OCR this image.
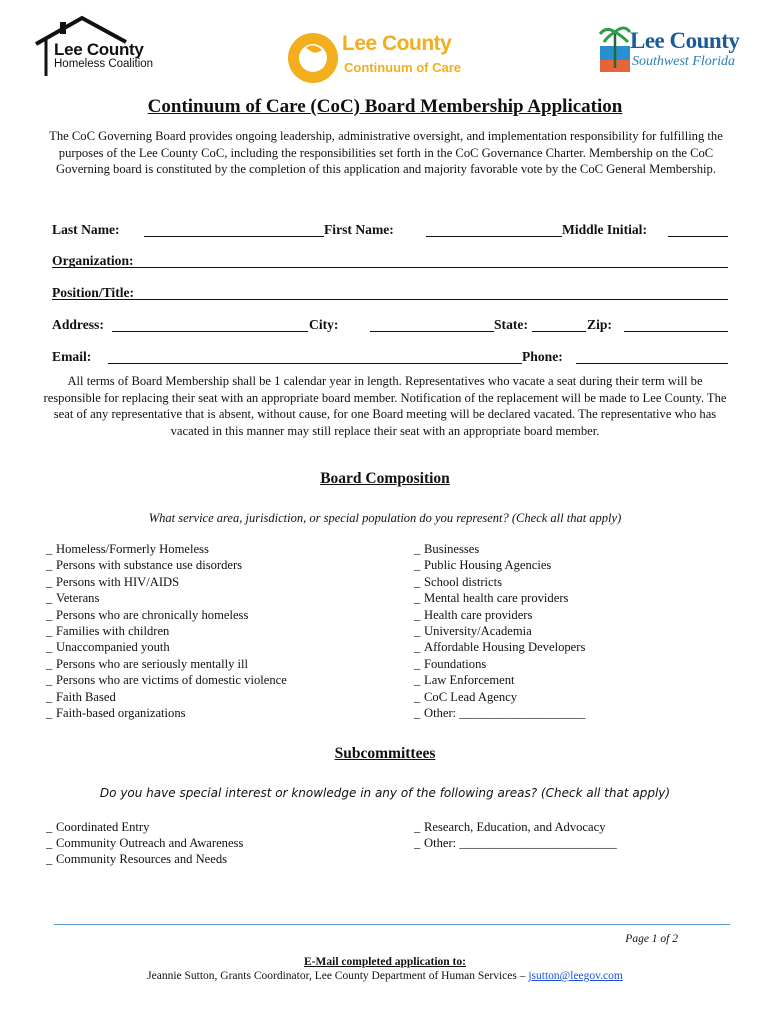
Lee County
Homeless Coalition
Lee County
Continuum of Care
Lee County
Southwest Florida
Continuum of Care (CoC) Board Membership Application
The CoC Governing Board provides ongoing leadership, administrative oversight, and implementation responsibility for fulfilling the purposes of the Lee County CoC, including the responsibilities set forth in the CoC Governance Charter. Membership on the CoC Governing board is constituted by the completion of this application and majority favorable vote by the CoC General Membership.
Last Name:	First Name:	Middle Initial:
Organization:
Position/Title:
Address:	City:	State:	Zip:
Email:	Phone:
All terms of Board Membership shall be 1 calendar year in length. Representatives who vacate a seat during their term will be responsible for replacing their seat with an appropriate board member. Notification of the replacement will be made to Lee County. The seat of any representative that is absent, without cause, for one Board meeting will be declared vacated. The representative who has vacated in this manner may still replace their seat with an appropriate board member.
Board Composition
What service area, jurisdiction, or special population do you represent? (Check all that apply)
_ Homeless/Formerly Homeless
_ Persons with substance use disorders
_ Persons with HIV/AIDS
_ Veterans
_ Persons who are chronically homeless
_ Families with children
_ Unaccompanied youth
_ Persons who are seriously mentally ill
_ Persons who are victims of domestic violence
_ Faith Based
_ Faith-based organizations
_ Businesses
_ Public Housing Agencies
_ School districts
_ Mental health care providers
_ Health care providers
_ University/Academia
_ Affordable Housing Developers
_ Foundations
_ Law Enforcement
_ CoC Lead Agency
_ Other: ____________________
Subcommittees
Do you have special interest or knowledge in any of the following areas? (Check all that apply)
_ Coordinated Entry
_ Community Outreach and Awareness
_ Community Resources and Needs
_ Research, Education, and Advocacy
_ Other: _________________________
Page 1 of 2
E-Mail completed application to:
Jeannie Sutton, Grants Coordinator, Lee County Department of Human Services – jsutton@leegov.com
